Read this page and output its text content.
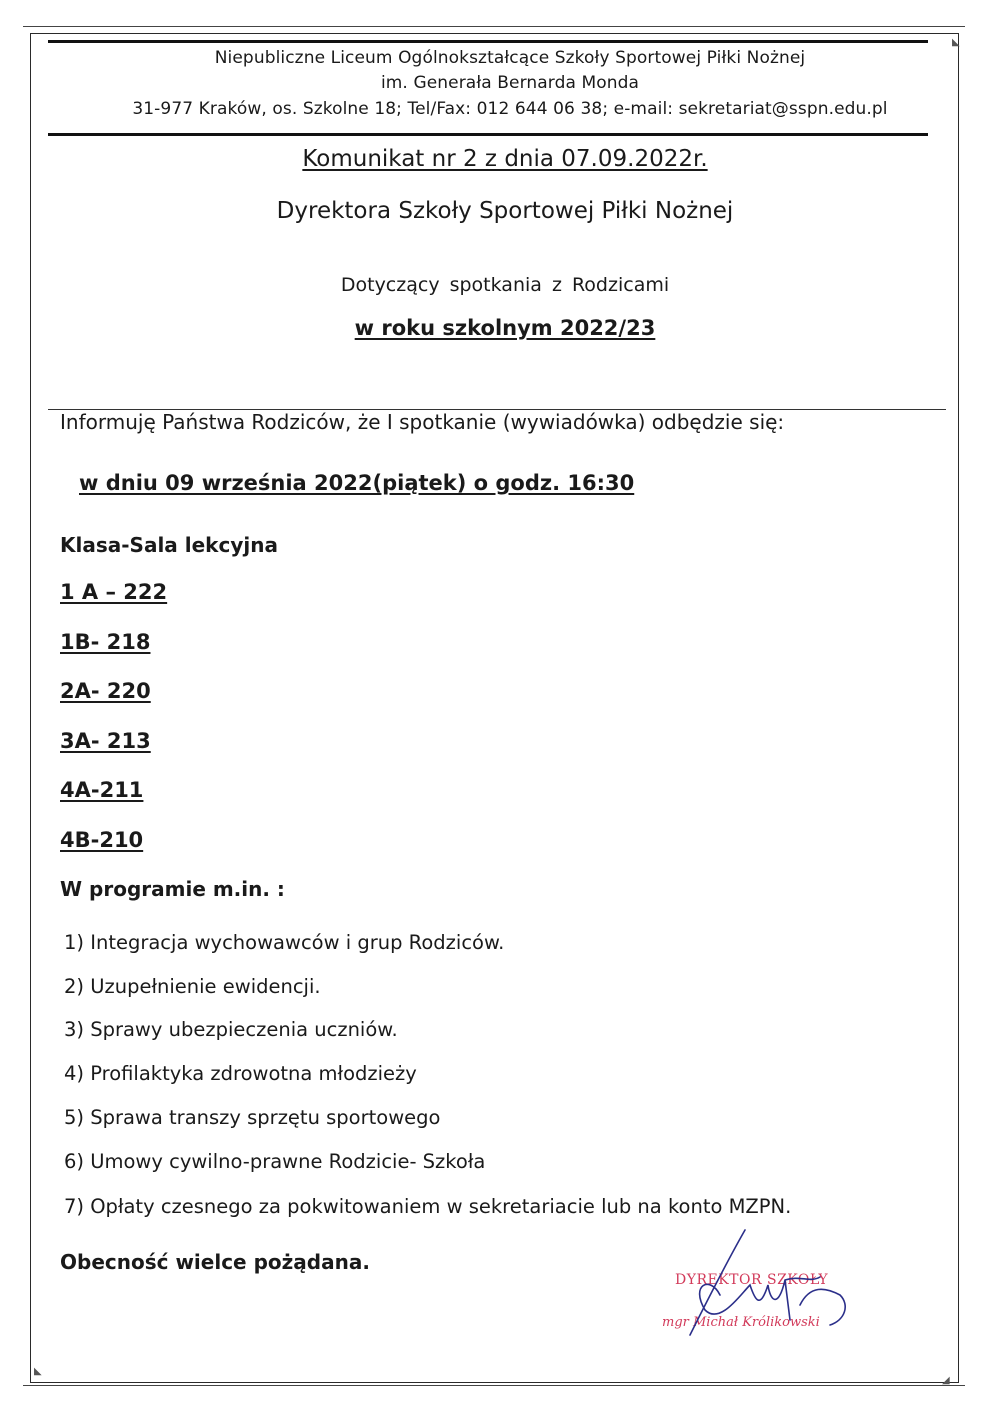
◣
◣
◢
Niepubliczne Liceum Ogólnokształcące Szkoły Sportowej Piłki Nożnej
im. Generała Bernarda Monda
31-977 Kraków, os. Szkolne 18; Tel/Fax: 012 644 06 38; e-mail: sekretariat@sspn.edu.pl
Komunikat nr 2 z dnia 07.09.2022r.
Dyrektora Szkoły Sportowej Piłki Nożnej
Dotyczący spotkania z Rodzicami
w roku szkolnym 2022/23
Informuję Państwa Rodziców, że I spotkanie (wywiadówka) odbędzie się:
w dniu 09 września 2022(piątek) o godz. 16:30
Klasa-Sala lekcyjna
1 A – 222
1B- 218
2A- 220
3A- 213
4A-211
4B-210
W programie m.in. :
1) Integracja wychowawców i grup Rodziców.
2) Uzupełnienie ewidencji.
3) Sprawy ubezpieczenia uczniów.
4) Profilaktyka zdrowotna młodzieży
5) Sprawa transzy sprzętu sportowego
6) Umowy cywilno-prawne Rodzicie- Szkoła
7) Opłaty czesnego za pokwitowaniem w sekretariacie lub na konto MZPN.
Obecność wielce pożądana.
DYREKTOR SZKOŁY
mgr Michał Królikowski
